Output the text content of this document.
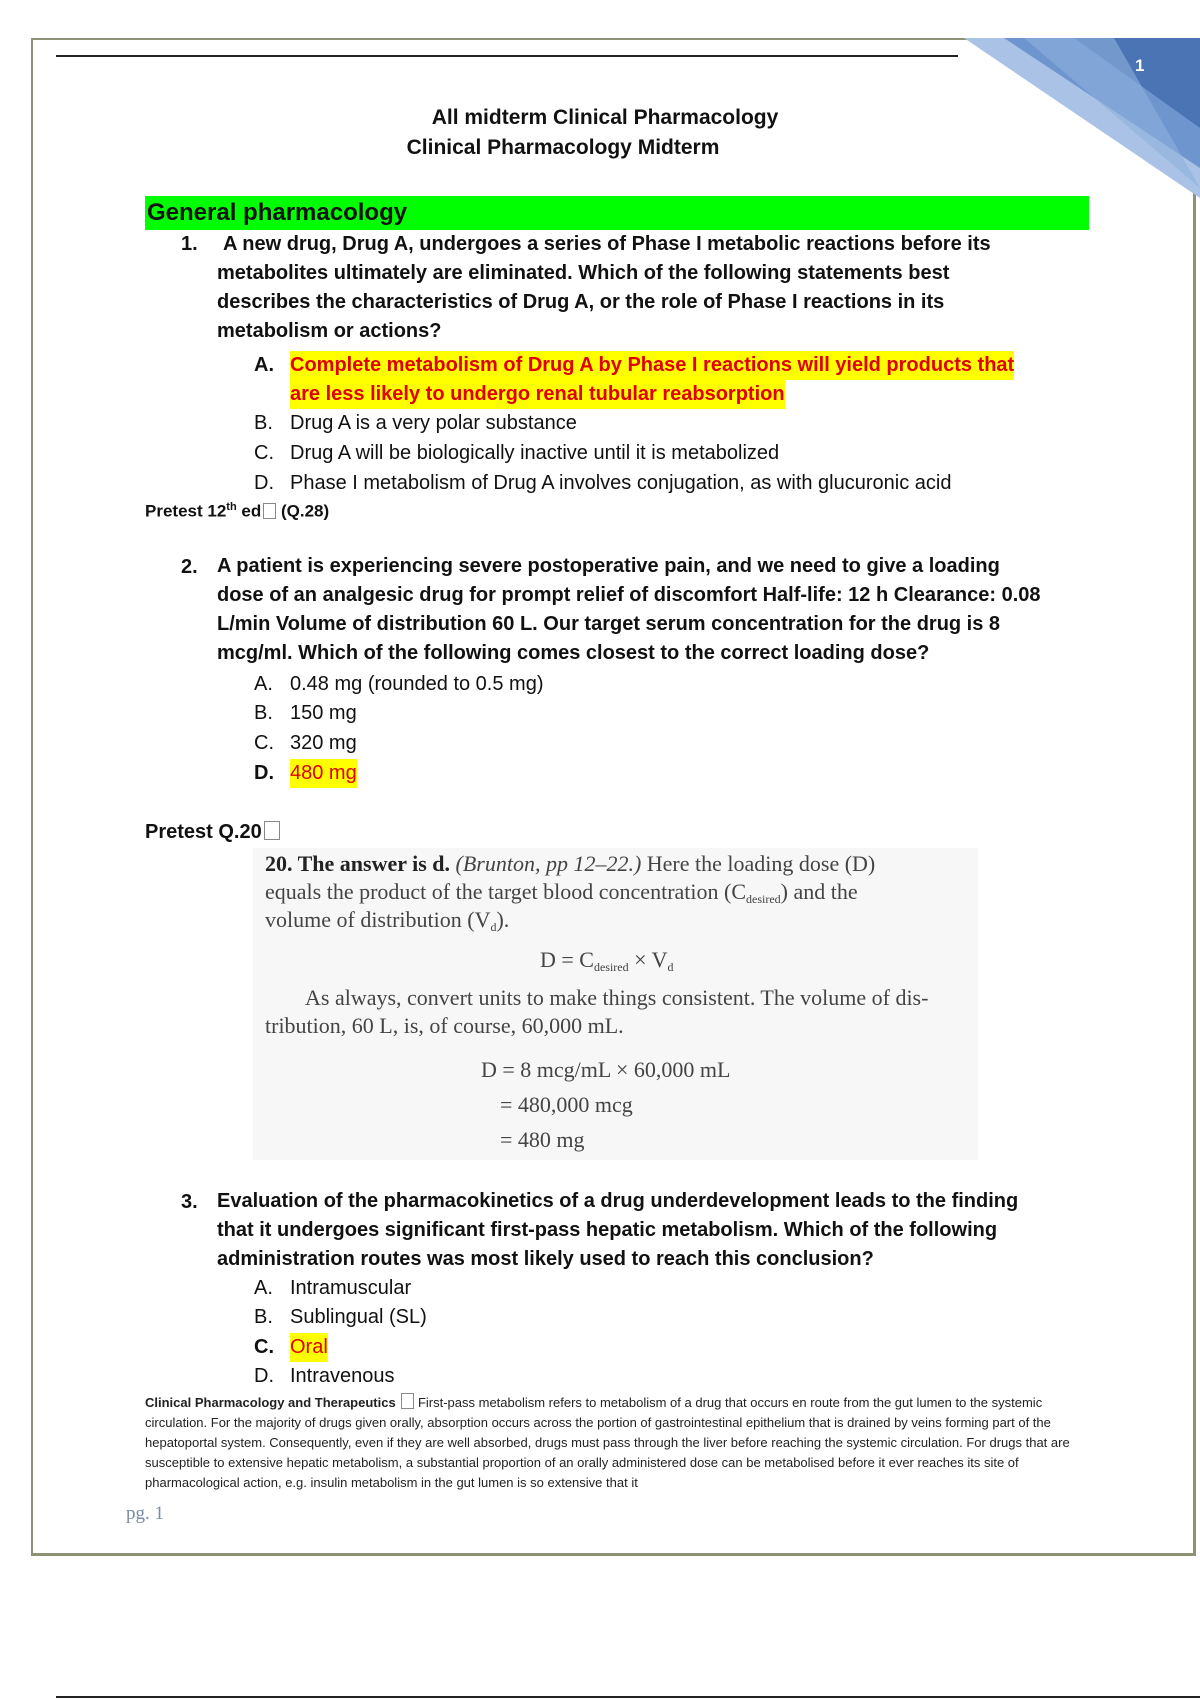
1
All midterm Clinical Pharmacology
Clinical Pharmacology Midterm
General pharmacology
1. A new drug, Drug A, undergoes a series of Phase I metabolic reactions before its
metabolites ultimately are eliminated. Which of the following statements best
describes the characteristics of Drug A, or the role of Phase I reactions in its
metabolism or actions?
A. Complete metabolism of Drug A by Phase I reactions will yield products that
are less likely to undergo renal tubular reabsorption
B. Drug A is a very polar substance
C. Drug A will be biologically inactive until it is metabolized
D. Phase I metabolism of Drug A involves conjugation, as with glucuronic acid
Pretest 12th ed (Q.28)
2. A patient is experiencing severe postoperative pain, and we need to give a loading
dose of an analgesic drug for prompt relief of discomfort Half-life: 12 h Clearance: 0.08
L/min Volume of distribution 60 L. Our target serum concentration for the drug is 8
mcg/ml. Which of the following comes closest to the correct loading dose?
A. 0.48 mg (rounded to 0.5 mg)
B. 150 mg
C. 320 mg
D. 480 mg
Pretest Q.20
20. The answer is d. (Brunton, pp 12–22.) Here the loading dose (D)
equals the product of the target blood concentration $(C_{desired})$ and the
volume of distribution $(V_d)$.
$D = C_{desired} \times V_d$
As always, convert units to make things consistent. The volume of dis-
tribution, 60 L, is, of course, 60,000 mL.
D = 8 mcg/mL × 60,000 mL
= 480,000 mcg
= 480 mg
3. Evaluation of the pharmacokinetics of a drug underdevelopment leads to the finding
that it undergoes significant first-pass hepatic metabolism. Which of the following
administration routes was most likely used to reach this conclusion?
A. Intramuscular
B. Sublingual (SL)
C. Oral
D. Intravenous
Clinical Pharmacology and Therapeutics First-pass metabolism refers to metabolism of a drug that occurs en route from the gut lumen to the systemic circulation. For the majority of drugs given orally, absorption occurs across the portion of gastrointestinal epithelium that is drained by veins forming part of the hepatoportal system. Consequently, even if they are well absorbed, drugs must pass through the liver before reaching the systemic circulation. For drugs that are susceptible to extensive hepatic metabolism, a substantial proportion of an orally administered dose can be metabolised before it ever reaches its site of pharmacological action, e.g. insulin metabolism in the gut lumen is so extensive that it
pg. 1
